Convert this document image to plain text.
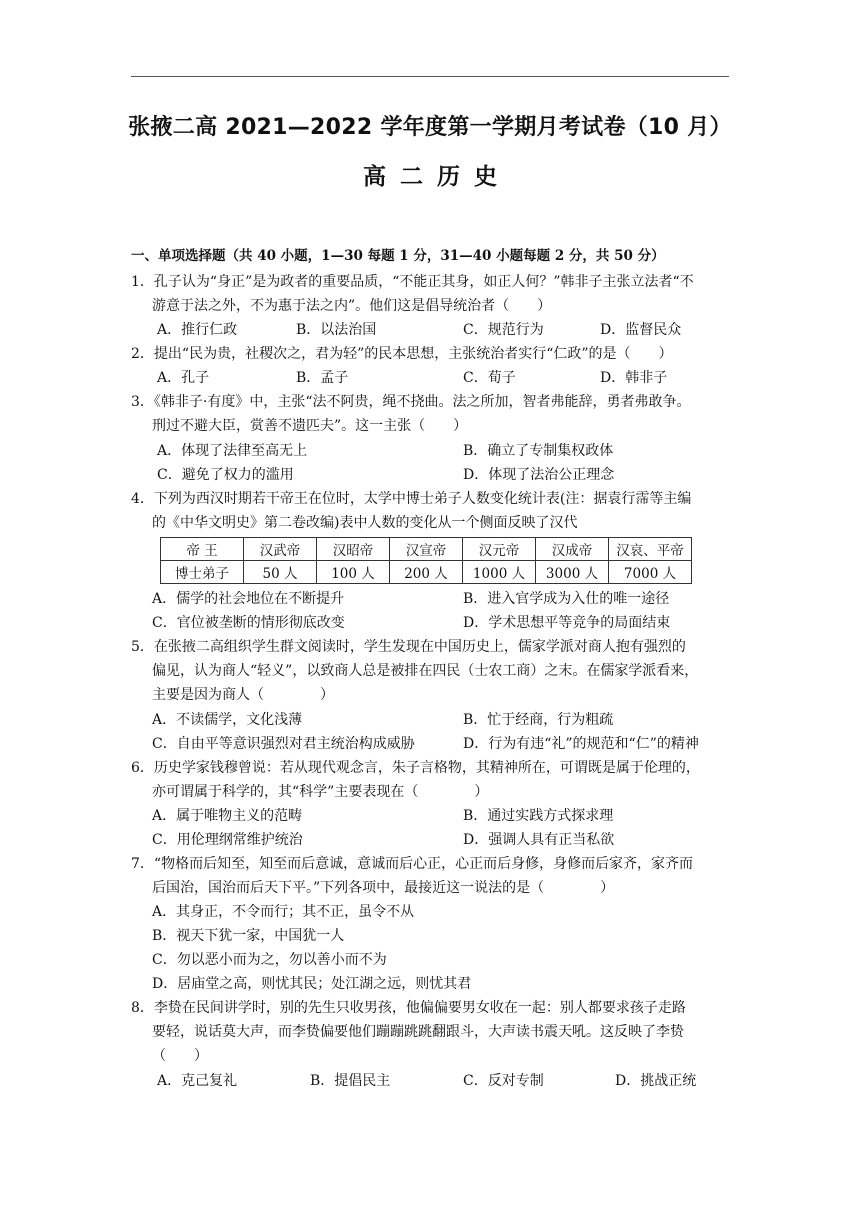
张掖二高 2021—2022 学年度第一学期月考试卷（10 月）
高二历史
一、单项选择题（共 40 小题，1—30 每题 1 分，31—40 小题每题 2 分，共 50 分）
1．孔子认为“身正”是为政者的重要品质，“不能正其身，如正人何？”韩非子主张立法者“不
游意于法之外，不为惠于法之内”。他们这是倡导统治者（　　）
A．推行仁政	B．以法治国	C．规范行为	D．监督民众
2．提出“民为贵，社稷次之，君为轻”的民本思想，主张统治者实行“仁政”的是（　　）
A．孔子	B．孟子	C．荀子	D．韩非子
3．《韩非子·有度》中，主张“法不阿贵，绳不挠曲。法之所加，智者弗能辞，勇者弗敢争。
刑过不避大臣，赏善不遗匹夫”。这一主张（　　）
A．体现了法律至高无上	B．确立了专制集权政体
C．避免了权力的滥用	D．体现了法治公正理念
4．下列为西汉时期若干帝王在位时，太学中博士弟子人数变化统计表(注：据袁行霈等主编
的《中华文明史》第二卷改编)表中人数的变化从一个侧面反映了汉代
帝 王	汉武帝	汉昭帝	汉宣帝	汉元帝	汉成帝	汉哀、平帝
博士弟子	50 人	100 人	200 人	1000 人	3000 人	7000 人
A．儒学的社会地位在不断提升	B．进入官学成为入仕的唯一途径
C．官位被垄断的情形彻底改变	D．学术思想平等竞争的局面结束
5．在张掖二高组织学生群文阅读时，学生发现在中国历史上，儒家学派对商人抱有强烈的
偏见，认为商人“轻义”，以致商人总是被排在四民（士农工商）之末。在儒家学派看来，
主要是因为商人（　　　　）
A．不读儒学，文化浅薄	B．忙于经商，行为粗疏
C．自由平等意识强烈对君主统治构成威胁	D．行为有违“礼”的规范和“仁”的精神
6．历史学家钱穆曾说：若从现代观念言，朱子言格物，其精神所在，可谓既是属于伦理的，
亦可谓属于科学的，其“科学”主要表现在（　　　　）
A．属于唯物主义的范畴	B．通过实践方式探求理
C．用伦理纲常维护统治	D．强调人具有正当私欲
7．“物格而后知至，知至而后意诚，意诚而后心正，心正而后身修，身修而后家齐，家齐而
后国治，国治而后天下平。”下列各项中，最接近这一说法的是（　　　　）
A．其身正，不令而行；其不正，虽令不从
B．视天下犹一家，中国犹一人
C．勿以恶小而为之，勿以善小而不为
D．居庙堂之高，则忧其民；处江湖之远，则忧其君
8．李贽在民间讲学时，别的先生只收男孩，他偏偏要男女收在一起：别人都要求孩子走路
要轻，说话莫大声，而李贽偏要他们蹦蹦跳跳翻跟斗，大声读书震天吼。这反映了李贽
（　　）
A．克己复礼	B．提倡民主	C．反对专制	D．挑战正统
